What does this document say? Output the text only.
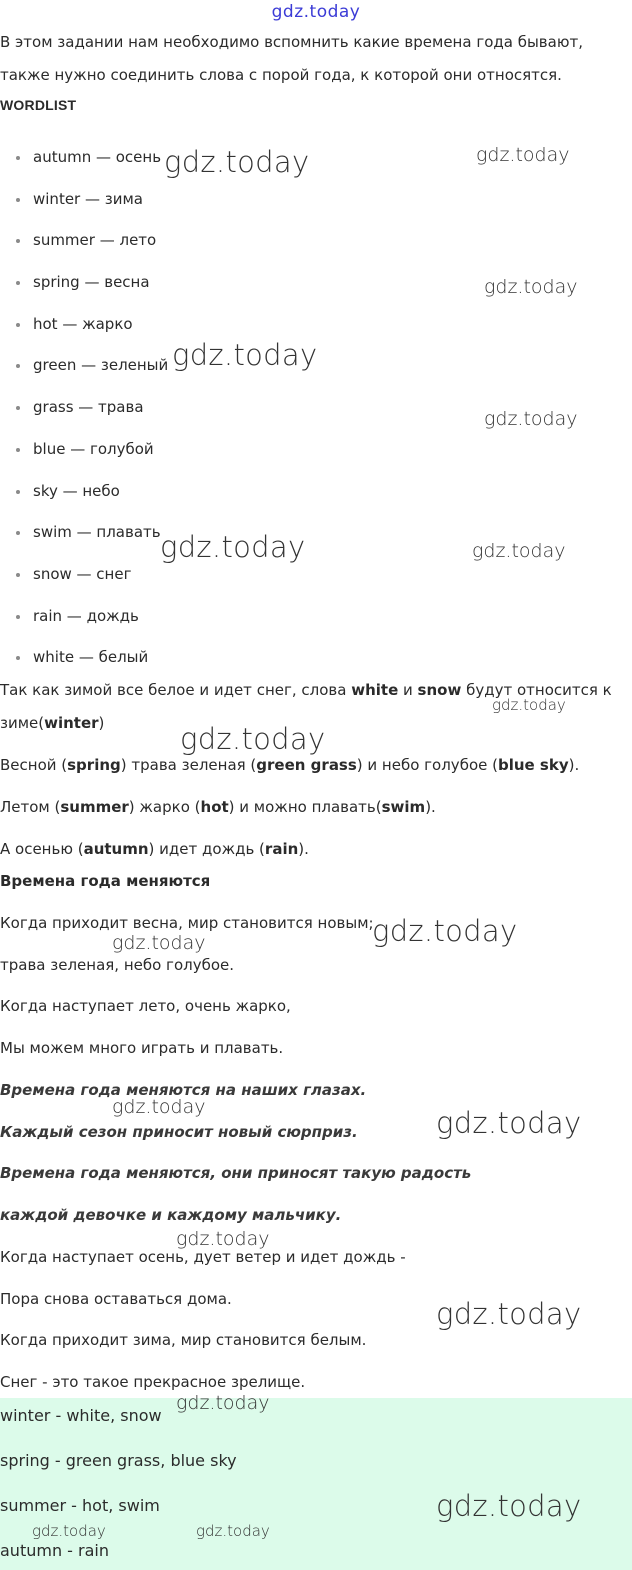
gdz.today

В этом задании нам необходимо вспомнить какие времена года бывают, также нужно соединить слова с порой года, к которой они относятся.

WORDLIST
autumn — осень
winter — зима
summer — лето
spring — весна
hot — жарко
green — зеленый
grass — трава
blue — голубой
sky — небо
swim — плавать
snow — снег
rain — дождь
white — белый
Так как зимой все белое и идет снег, слова white и snow будут относится к
зиме(winter)
Весной (spring) трава зеленая (green grass) и небо голубое (blue sky).
Летом (summer) жарко (hot) и можно плавать(swim).
А осенью (autumn) идет дождь (rain).
Времена года меняются
Когда приходит весна, мир становится новым;
трава зеленая, небо голубое.
Когда наступает лето, очень жарко,
Мы можем много играть и плавать.
Времена года меняются на наших глазах.
Каждый сезон приносит новый сюрприз.
Времена года меняются, они приносят такую радость
каждой девочке и каждому мальчику.
Когда наступает осень, дует ветер и идет дождь -
Пора снова оставаться дома.
Когда приходит зима, мир становится белым.
Снег - это такое прекрасное зрелище.
winter - white, snow
spring - green grass, blue sky
summer - hot, swim
autumn - rain
gdz.today	gdz.today
gdz.today
gdz.today
gdz.today
gdz.today	gdz.today
gdz.today
gdz.today
gdz.today
gdz.today
gdz.today	gdz.today
gdz.today
gdz.today
gdz.today
gdz.today
gdz.today	gdz.today
